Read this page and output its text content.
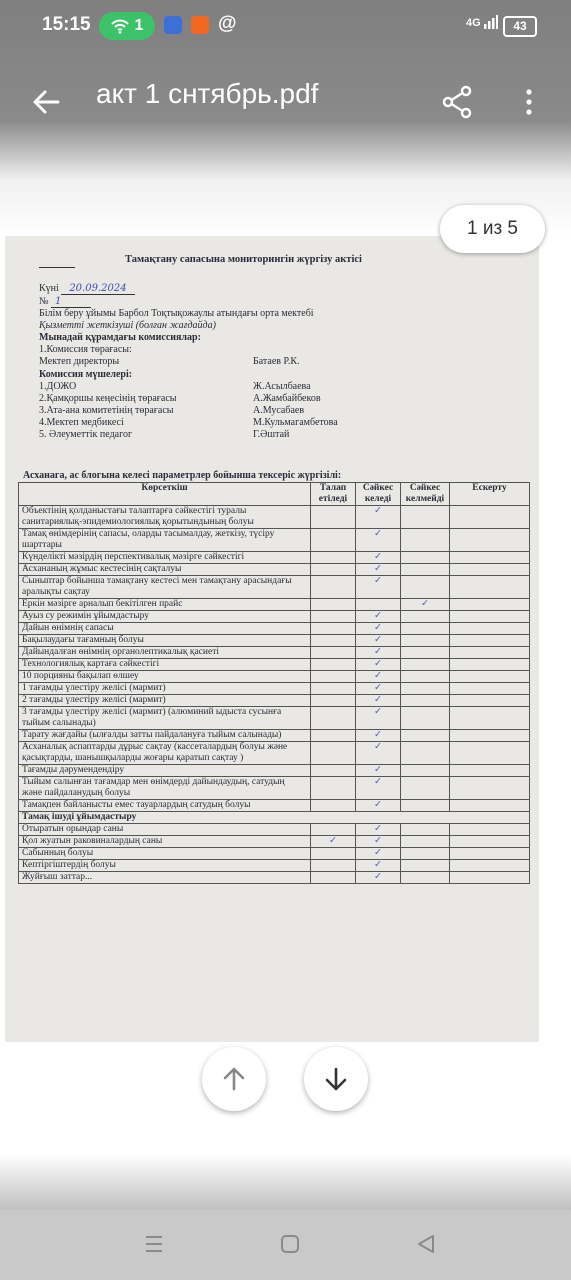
15:15	1	@	4G	43
акт 1 снтябрь.pdf
1 из 5
Тамақтану сапасына мониторингін жүргізу актісі
Күні 20.09.2024
№ 1
Білім беру ұйымы Барбол Тоқтықожаулы атындағы орта мектебі
Қызметті жеткізуші (болған жағдайда)
Мынадай құрамдағы комиссиялар:
1.Комиссия төрағасы:
Мектеп директоры	Батаев Р.К.
Комиссия мүшелері:
1.ДОЖО	Ж.Асылбаева
2.Қамқоршы кеңесінің төрағасы	А.Жамбайбеков
3.Ата-ана комитетінің төрағасы	А.Мусабаев
4.Мектеп медбикесі	М.Кульмагамбетова
5. Әлеуметтік педагог	Г.Әштай
Асханага, ас блогына келесі параметрлер бойынша тексеріс жүргізілі:
Көрсеткіш	Талап етіледі	Сәйкес келеді	Сәйкес келмейді	Ескерту
Объектінің қолданыстағы талаптарға сәйкестігі туралы санитариялық-эпидемиологиялық қорытындының болуы		✓		
Тамақ өнімдерінің сапасы, оларды тасымалдау, жеткізу, түсіру шарттары		✓		
Күнделікті мәзірдің перспективалық мәзірге сәйкестігі		✓		
Асхананың жұмыс кестесінің сақталуы		✓		
Сыныптар бойынша тамақтану кестесі мен тамақтану арасындағы аралықты сақтау		✓		
Еркін мәзірге арналып бекітілген прайс			✓	
Ауыз су режимін ұйымдастыру		✓		
Дайын өнімнің сапасы		✓		
Бақылаудағы тағамның болуы		✓		
Дайындалған өнімнің органолептикалық қасиеті		✓		
Технологиялық картаға сәйкестігі		✓		
10 порцияны бақылап өлшеу		✓		
1 тағамды үлестіру желісі (мармит)		✓		
2 тағамды үлестіру желісі (мармит)		✓		
3 тағамды үлестіру желісі (мармит) (алюминий ыдыста сусынға тыйым салынады)		✓		
Тарату жағдайы (ылғалды затты пайдалануға тыйым салынады)		✓		
Асханалық аспаптарды дұрыс сақтау (кассеталардың болуы және қасықтарды, шанышқыларды жоғары қаратып сақтау )		✓		
Тағамды дәрумендендіру		✓		
Тыйым салынған тағамдар мен өнімдерді дайындаудың, сатудың және пайдаланудың болуы		✓		
Тамақпен байланысты емес тауарлардың сатудың болуы		✓		
Тамақ ішуді ұйымдастыру				
Отыратын орындар саны		✓		
Қол жуатын раковиналардың саны	✓	✓		
Сабынның болуы		✓		
Кептіргіштердің болуы		✓		
Жуйғыш заттар...		✓		
